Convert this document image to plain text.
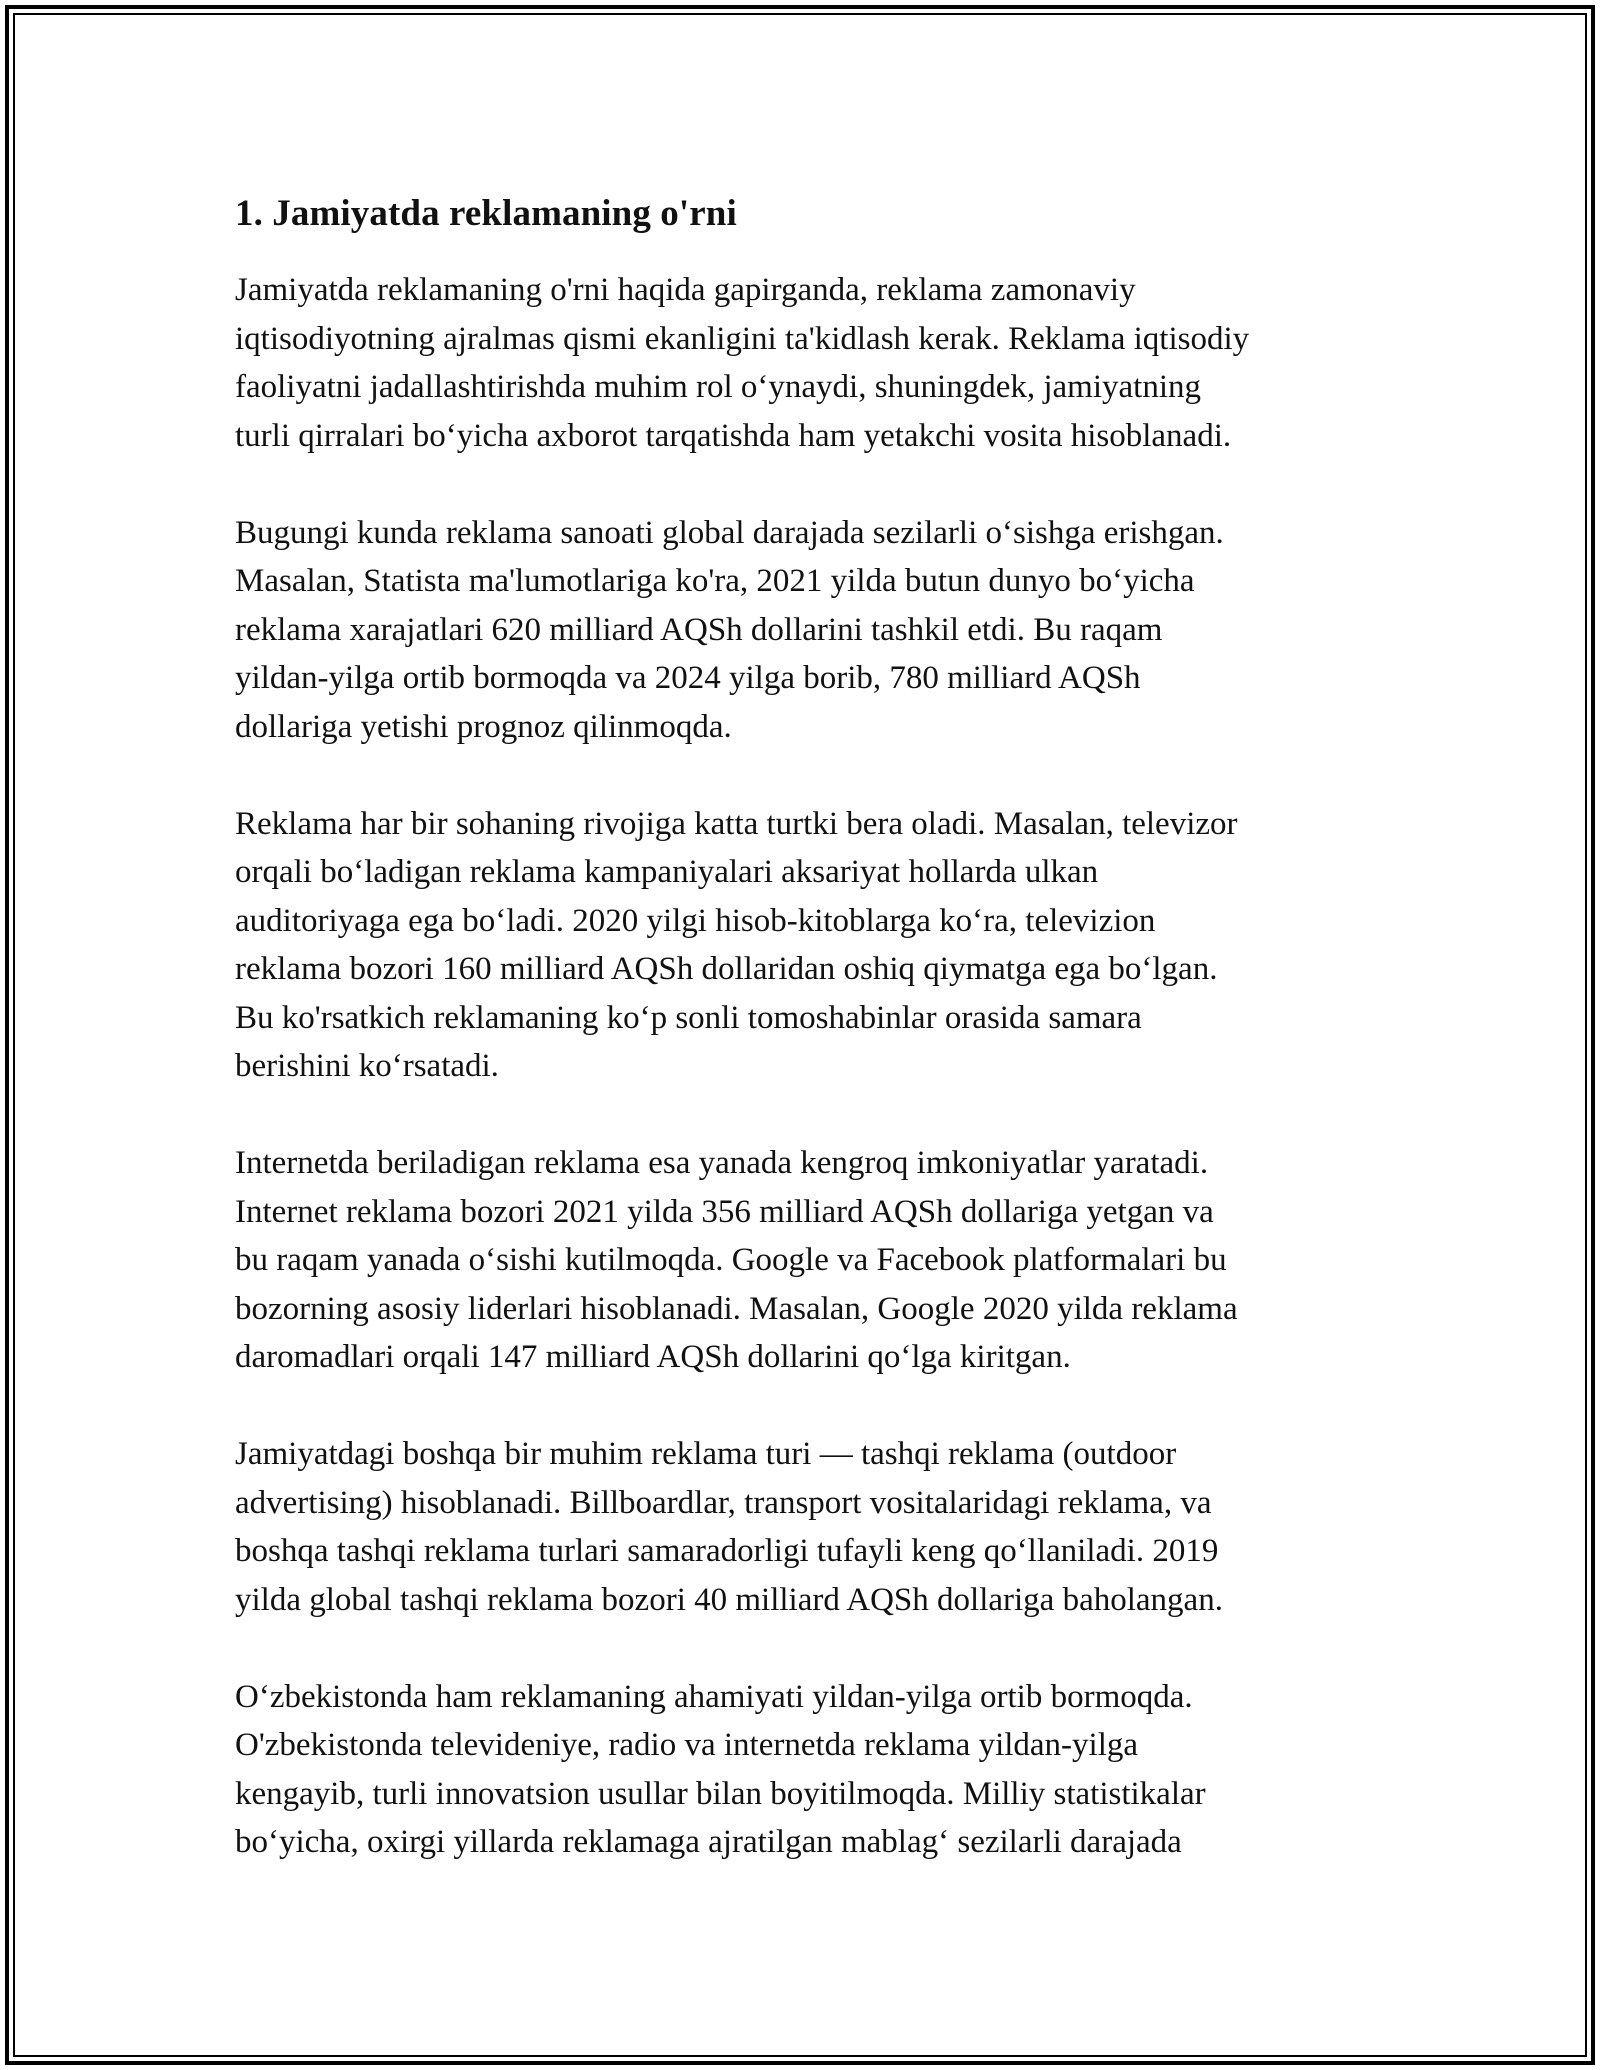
1. Jamiyatda reklamaning o'rni

Jamiyatda reklamaning o'rni haqida gapirganda, reklama zamonaviy
iqtisodiyotning ajralmas qismi ekanligini ta'kidlash kerak. Reklama iqtisodiy
faoliyatni jadallashtirishda muhim rol oʻynaydi, shuningdek, jamiyatning
turli qirralari boʻyicha axborot tarqatishda ham yetakchi vosita hisoblanadi.

Bugungi kunda reklama sanoati global darajada sezilarli oʻsishga erishgan.
Masalan, Statista ma'lumotlariga ko'ra, 2021 yilda butun dunyo boʻyicha
reklama xarajatlari 620 milliard AQSh dollarini tashkil etdi. Bu raqam
yildan-yilga ortib bormoqda va 2024 yilga borib, 780 milliard AQSh
dollariga yetishi prognoz qilinmoqda.

Reklama har bir sohaning rivojiga katta turtki bera oladi. Masalan, televizor
orqali boʻladigan reklama kampaniyalari aksariyat hollarda ulkan
auditoriyaga ega boʻladi. 2020 yilgi hisob-kitoblarga koʻra, televizion
reklama bozori 160 milliard AQSh dollaridan oshiq qiymatga ega boʻlgan.
Bu ko'rsatkich reklamaning koʻp sonli tomoshabinlar orasida samara
berishini koʻrsatadi.

Internetda beriladigan reklama esa yanada kengroq imkoniyatlar yaratadi.
Internet reklama bozori 2021 yilda 356 milliard AQSh dollariga yetgan va
bu raqam yanada oʻsishi kutilmoqda. Google va Facebook platformalari bu
bozorning asosiy liderlari hisoblanadi. Masalan, Google 2020 yilda reklama
daromadlari orqali 147 milliard AQSh dollarini qoʻlga kiritgan.

Jamiyatdagi boshqa bir muhim reklama turi — tashqi reklama (outdoor
advertising) hisoblanadi. Billboardlar, transport vositalaridagi reklama, va
boshqa tashqi reklama turlari samaradorligi tufayli keng qoʻllaniladi. 2019
yilda global tashqi reklama bozori 40 milliard AQSh dollariga baholangan.

Oʻzbekistonda ham reklamaning ahamiyati yildan-yilga ortib bormoqda.
O'zbekistonda televideniye, radio va internetda reklama yildan-yilga
kengayib, turli innovatsion usullar bilan boyitilmoqda. Milliy statistikalar
boʻyicha, oxirgi yillarda reklamaga ajratilgan mablagʻ sezilarli darajada
